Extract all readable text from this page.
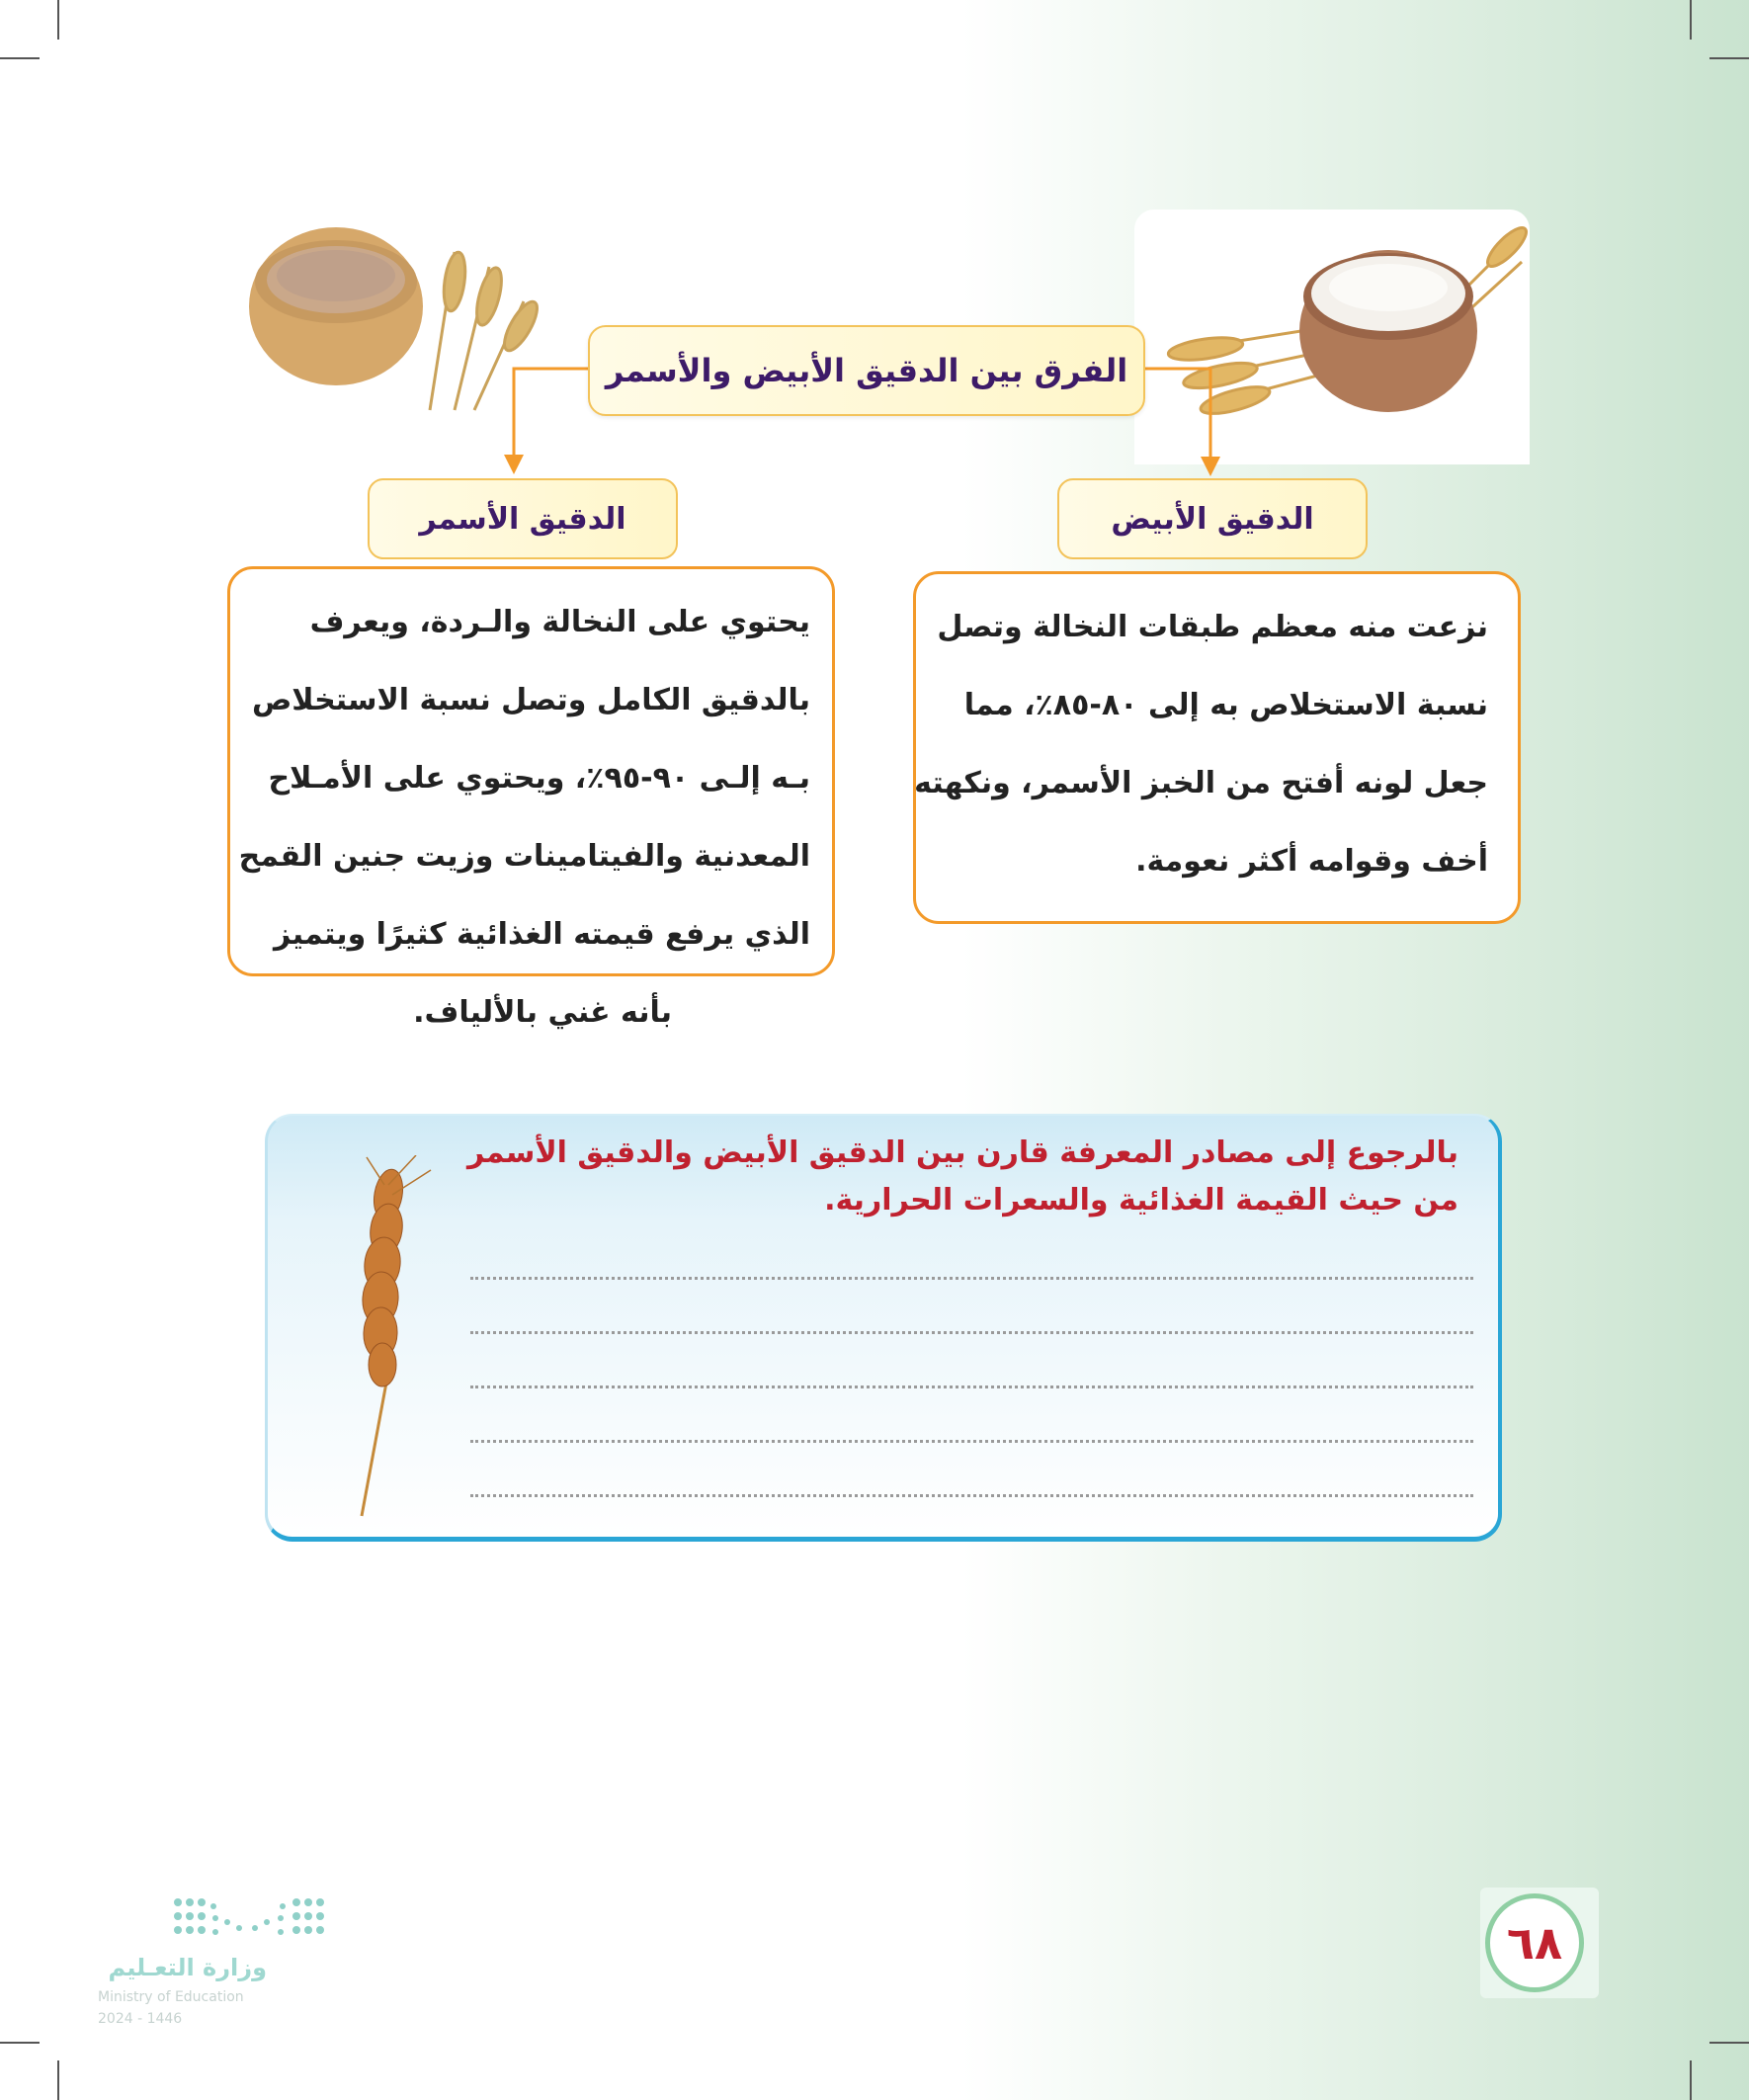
الفرق بين الدقيق الأبيض والأسمر
الدقيق الأسمر	الدقيق الأبيض
يحتوي على النخالة والـردة، ويعرف
بالدقيق الكامل وتصل نسبة الاستخلاص
بـه إلـى ٩٠-٩٥٪، ويحتوي على الأمـلاح
المعدنية والفيتامينات وزيت جنين القمح
الذي يرفع قيمته الغذائية كثيرًا ويتميز
بأنه غني بالألياف.
نزعت منه معظم طبقات النخالة وتصل
نسبة الاستخلاص به إلى ٨٠-٨٥٪، مما
جعل لونه أفتح من الخبز الأسمر، ونكهته
أخف وقوامه أكثر نعومة.
بالرجوع إلى مصادر المعرفة قارن بين الدقيق الأبيض والدقيق الأسمر
من حيث القيمة الغذائية والسعرات الحرارية.
وزارة التعـليم
Ministry of Education
2024 - 1446
٦٨
